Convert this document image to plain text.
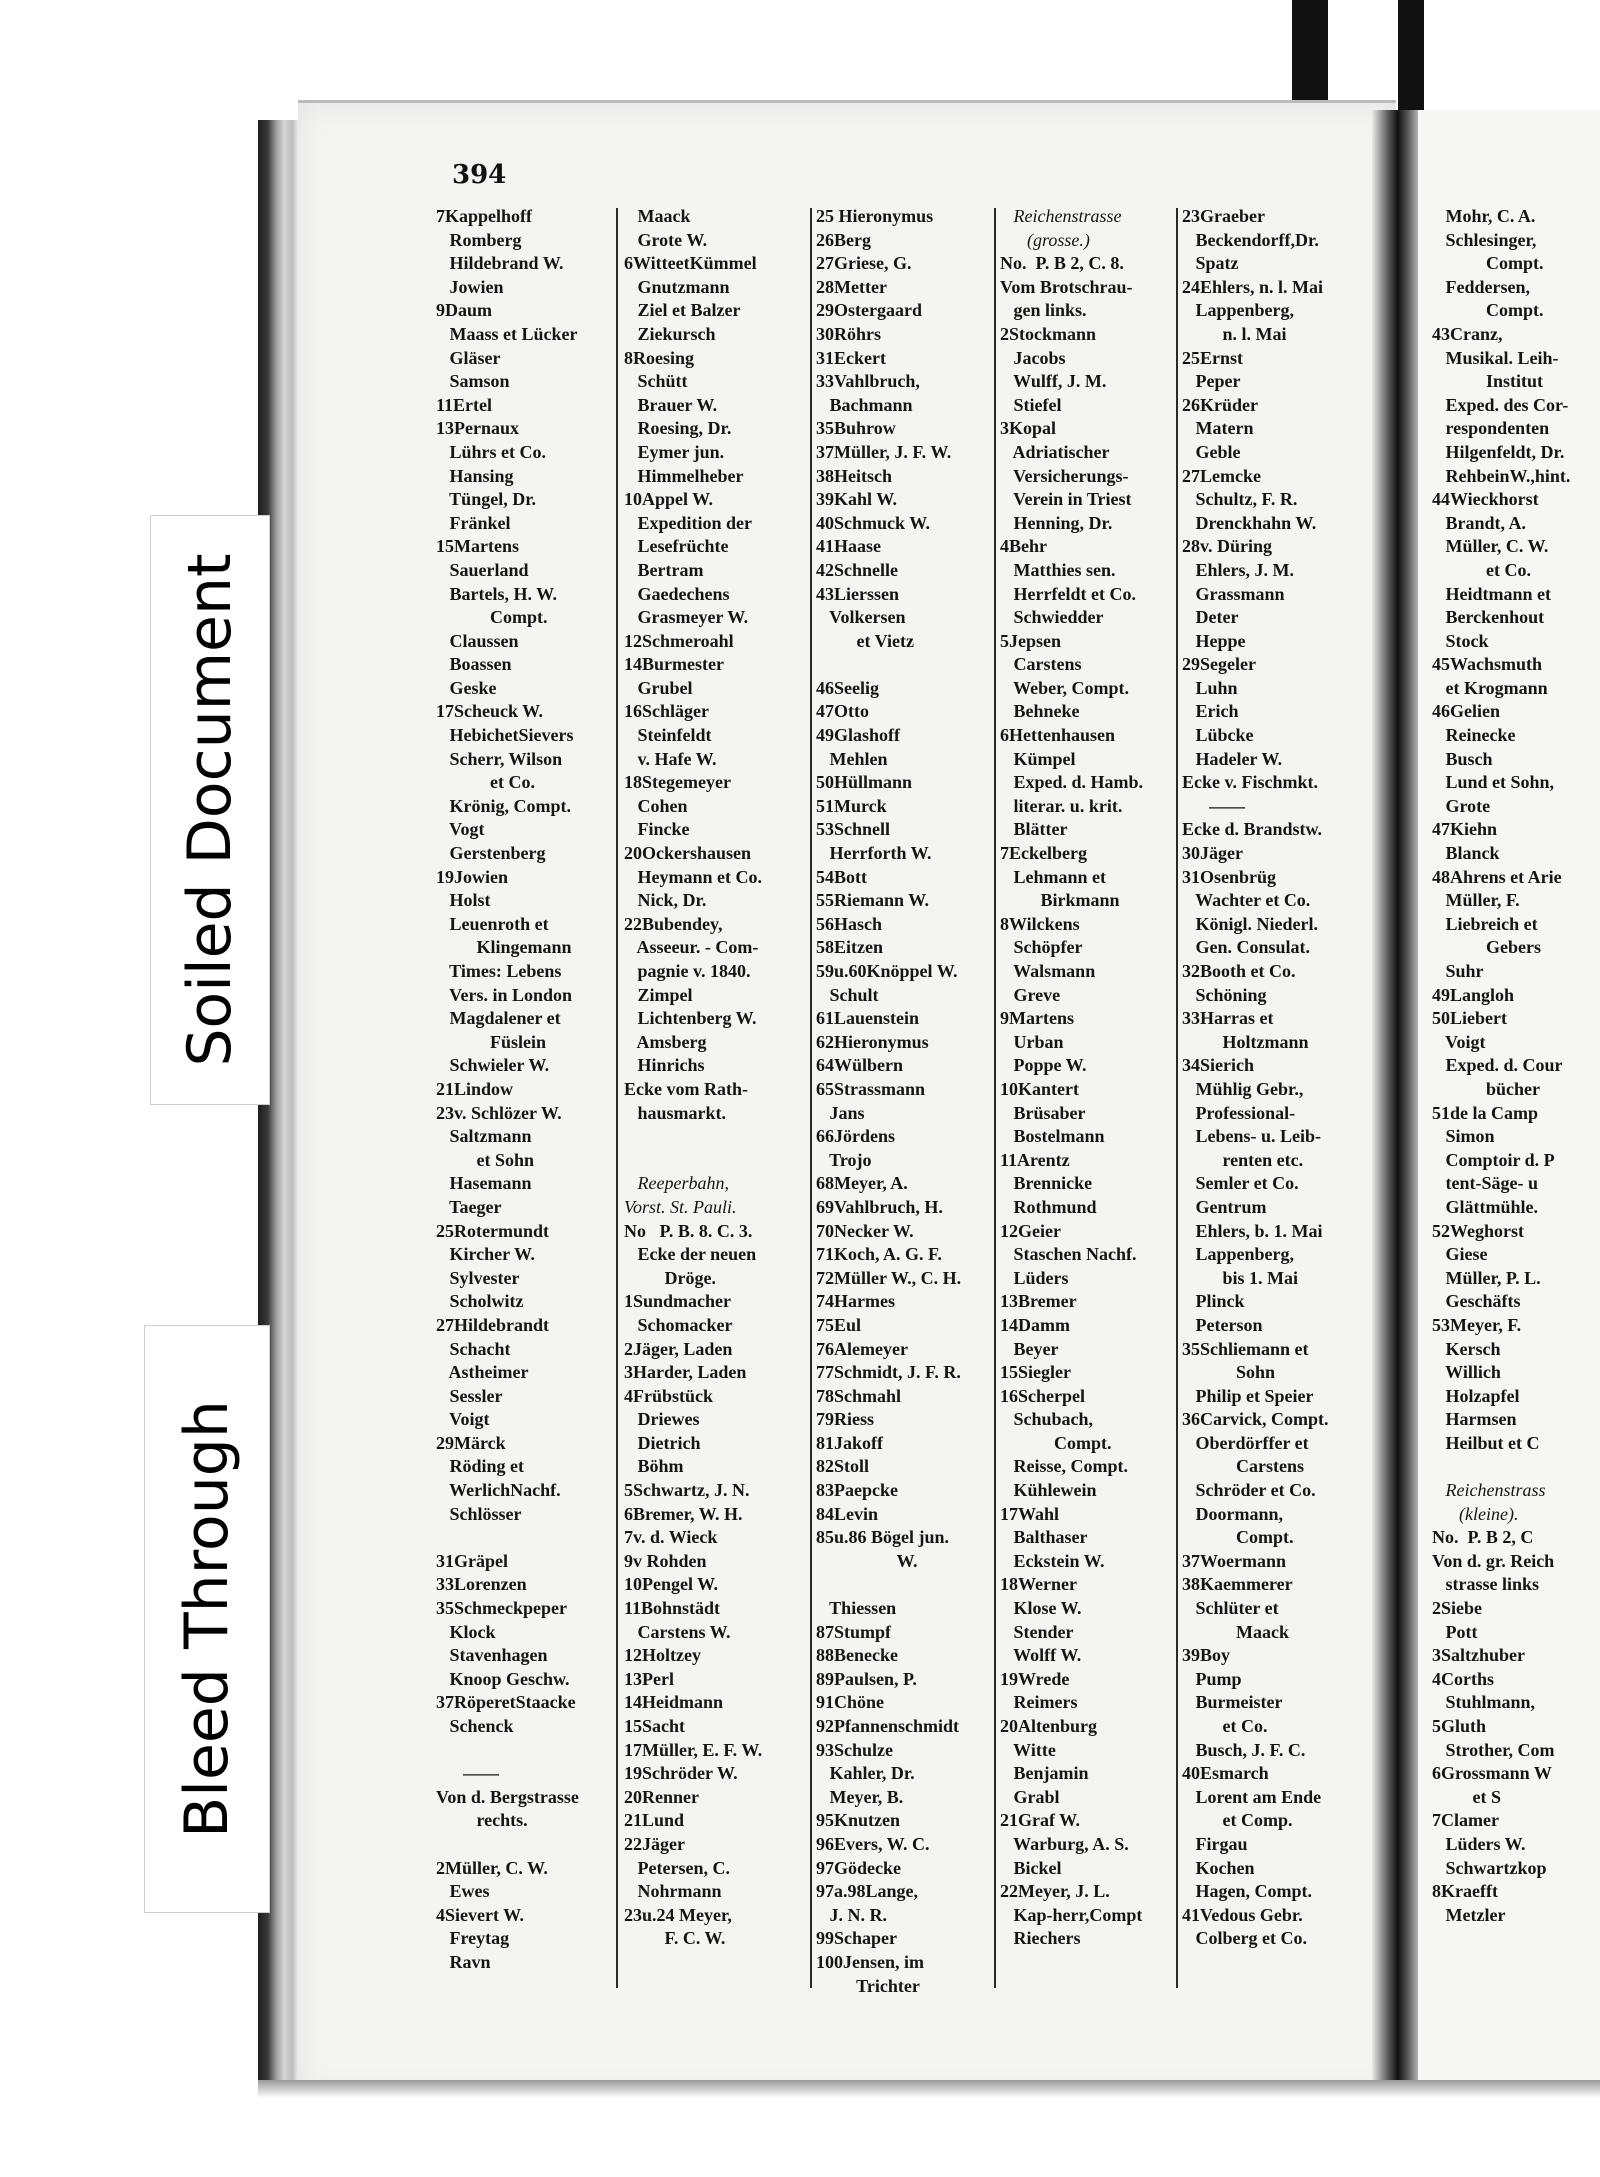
394
7Kappelhoff
Romberg
Hildebrand W.
Jowien
9Daum
Maass et Lücker
Gläser
Samson
11Ertel
13Pernaux
Lührs et Co.
Hansing
Tüngel, Dr.
Fränkel
15Martens
Sauerland
Bartels, H. W.
Compt.
Claussen
Boassen
Geske
17Scheuck W.
HebichetSievers
Scherr, Wilson
et Co.
Krönig, Compt.
Vogt
Gerstenberg
19Jowien
Holst
Leuenroth et
Klingemann
Times: Lebens
Vers. in London
Magdalener et
Füslein
Schwieler W.
21Lindow
23v. Schlözer W.
Saltzmann
et Sohn
Hasemann
Taeger
25Rotermundt
Kircher W.
Sylvester
Scholwitz
27Hildebrandt
Schacht
Astheimer
Sessler
Voigt
29Märck
Röding et
WerlichNachf.
Schlösser

31Gräpel
33Lorenzen
35Schmeckpeper
Klock
Stavenhagen
Knoop Geschw.
37RöperetStaacke
Schenck

——
Von d. Bergstrasse
rechts.

2Müller, C. W.
Ewes
4Sievert W.
Freytag
Ravn
Maack
Grote W.
6WitteetKümmel
Gnutzmann
Ziel et Balzer
Ziekursch
8Roesing
Schütt
Brauer W.
Roesing, Dr.
Eymer jun.
Himmelheber
10Appel W.
Expedition der
Lesefrüchte
Bertram
Gaedechens
Grasmeyer W.
12Schmeroahl
14Burmester
Grubel
16Schläger
Steinfeldt
v. Hafe W.
18Stegemeyer
Cohen
Fincke
20Ockershausen
Heymann et Co.
Nick, Dr.
22Bubendey,
Asseeur. - Com-
pagnie v. 1840.
Zimpel
Lichtenberg W.
Amsberg
Hinrichs
Ecke vom Rath-
hausmarkt.

Reeperbahn,
Vorst. St. Pauli.
No   P. B. 8. C. 3.
Ecke der neuen
Dröge.
1Sundmacher
Schomacker
2Jäger, Laden
3Harder, Laden
4Frübstück
Driewes
Dietrich
Böhm
5Schwartz, J. N.
6Bremer, W. H.
7v. d. Wieck
9v Rohden
10Pengel W.
11Bohnstädt
Carstens W.
12Holtzey
13Perl
14Heidmann
15Sacht
17Müller, E. F. W.
19Schröder W.
20Renner
21Lund
22Jäger
Petersen, C.
Nohrmann
23u.24 Meyer,
F. C. W.
25 Hieronymus
26Berg
27Griese, G.
28Metter
29Ostergaard
30Röhrs
31Eckert
33Vahlbruch,
Bachmann
35Buhrow
37Müller, J. F. W.
38Heitsch
39Kahl W.
40Schmuck W.
41Haase
42Schnelle
43Lierssen
Volkersen
et Vietz

46Seelig
47Otto
49Glashoff
Mehlen
50Hüllmann
51Murck
53Schnell
Herrforth W.
54Bott
55Riemann W.
56Hasch
58Eitzen
59u.60Knöppel W.
Schult
61Lauenstein
62Hieronymus
64Wülbern
65Strassmann
Jans
66Jördens
Trojo
68Meyer, A.
69Vahlbruch, H.
70Necker W.
71Koch, A. G. F.
72Müller W., C. H.
74Harmes
75Eul
76Alemeyer
77Schmidt, J. F. R.
78Schmahl
79Riess
81Jakoff
82Stoll
83Paepcke
84Levin
85u.86 Bögel jun.
W.

Thiessen
87Stumpf
88Benecke
89Paulsen, P.
91Chöne
92Pfannenschmidt
93Schulze
Kahler, Dr.
Meyer, B.
95Knutzen
96Evers, W. C.
97Gödecke
97a.98Lange,
J. N. R.
99Schaper
100Jensen, im
Trichter
Reichenstrasse
(grosse.)
No.  P. B 2, C. 8.
Vom Brotschrau-
gen links.
2Stockmann
Jacobs
Wulff, J. M.
Stiefel
3Kopal
Adriatischer
Versicherungs-
Verein in Triest
Henning, Dr.
4Behr
Matthies sen.
Herrfeldt et Co.
Schwiedder
5Jepsen
Carstens
Weber, Compt.
Behneke
6Hettenhausen
Kümpel
Exped. d. Hamb.
literar. u. krit.
Blätter
7Eckelberg
Lehmann et
Birkmann
8Wilckens
Schöpfer
Walsmann
Greve
9Martens
Urban
Poppe W.
10Kantert
Brüsaber
Bostelmann
11Arentz
Brennicke
Rothmund
12Geier
Staschen Nachf.
Lüders
13Bremer
14Damm
Beyer
15Siegler
16Scherpel
Schubach,
Compt.
Reisse, Compt.
Kühlewein
17Wahl
Balthaser
Eckstein W.
18Werner
Klose W.
Stender
Wolff W.
19Wrede
Reimers
20Altenburg
Witte
Benjamin
Grabl
21Graf W.
Warburg, A. S.
Bickel
22Meyer, J. L.
Kap-herr,Compt
Riechers
23Graeber
Beckendorff,Dr.
Spatz
24Ehlers, n. l. Mai
Lappenberg,
n. l. Mai
25Ernst
Peper
26Krüder
Matern
Geble
27Lemcke
Schultz, F. R.
Drenckhahn W.
28v. Düring
Ehlers, J. M.
Grassmann
Deter
Heppe
29Segeler
Luhn
Erich
Lübcke
Hadeler W.
Ecke v. Fischmkt.
——
Ecke d. Brandstw.
30Jäger
31Osenbrüg
Wachter et Co.
Königl. Niederl.
Gen. Consulat.
32Booth et Co.
Schöning
33Harras et
Holtzmann
34Sierich
Mühlig Gebr.,
Professional-
Lebens- u. Leib-
renten etc.
Semler et Co.
Gentrum
Ehlers, b. 1. Mai
Lappenberg,
bis 1. Mai
Plinck
Peterson
35Schliemann et
Sohn
Philip et Speier
36Carvick, Compt.
Oberdörffer et
Carstens
Schröder et Co.
Doormann,
Compt.
37Woermann
38Kaemmerer
Schlüter et
Maack
39Boy
Pump
Burmeister
et Co.
Busch, J. F. C.
40Esmarch
Lorent am Ende
et Comp.
Firgau
Kochen
Hagen, Compt.
41Vedous Gebr.
Colberg et Co.
Mohr, C. A.
Schlesinger,
Compt.
Feddersen,
Compt.
43Cranz,
Musikal. Leih-
Institut
Exped. des Cor-
respondenten
Hilgenfeldt, Dr.
RehbeinW.,hint.
44Wieckhorst
Brandt, A.
Müller, C. W.
et Co.
Heidtmann et
Berckenhout
Stock
45Wachsmuth
et Krogmann
46Gelien
Reinecke
Busch
Lund et Sohn,
Grote
47Kiehn
Blanck
48Ahrens et Arie
Müller, F.
Liebreich et
Gebers
Suhr
49Langloh
50Liebert
Voigt
Exped. d. Cour
bücher
51de la Camp
Simon
Comptoir d. P
tent-Säge- u
Glättmühle.
52Weghorst
Giese
Müller, P. L.
Geschäfts
53Meyer, F.
Kersch
Willich
Holzapfel
Harmsen
Heilbut et C

Reichenstrass
(kleine).
No.  P. B 2, C
Von d. gr. Reich
strasse links
2Siebe
Pott
3Saltzhuber
4Corths
Stuhlmann,
5Gluth
Strother, Com
6Grossmann W
et S
7Clamer
Lüders W.
Schwartzkop
8Kraefft
Metzler
Soiled Document
Bleed Through
